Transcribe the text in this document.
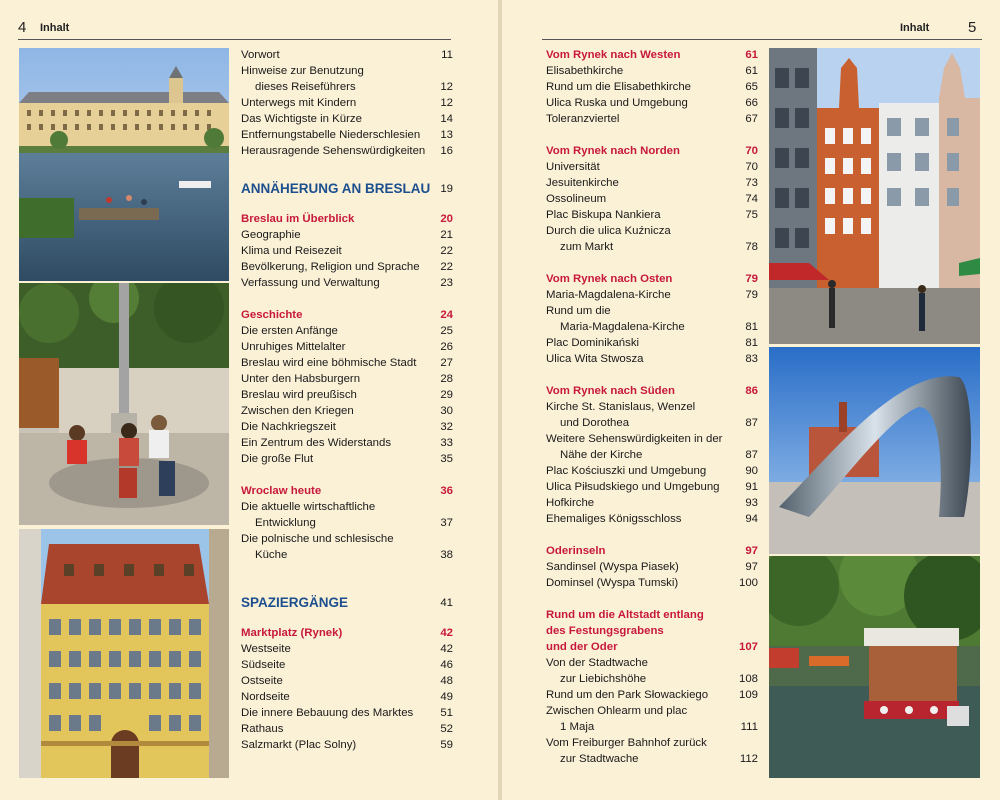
4 Inhalt
Vorwort	11
Hinweise zur Benutzung
dieses Reiseführers	12
Unterwegs mit Kindern	12
Das Wichtigste in Kürze	14
Entfernungstabelle Niederschlesien 13
Herausragende Sehenswürdigkeiten 16
ANNÄHERUNG AN BRESLAU 19
Breslau im Überblick	20
Geographie	21
Klima und Reisezeit	22
Bevölkerung, Religion und Sprache 22
Verfassung und Verwaltung	23
Geschichte	24
Die ersten Anfänge	25
Unruhiges Mittelalter	26
Breslau wird eine böhmische Stadt 27
Unter den Habsburgern	28
Breslau wird preußisch	29
Zwischen den Kriegen	30
Die Nachkriegszeit	32
Ein Zentrum des Widerstands	33
Die große Flut	35
Wroclaw heute	36
Die aktuelle wirtschaftliche
Entwicklung	37
Die polnische und schlesische
Küche	38
SPAZIERGÄNGE	41
Marktplatz (Rynek)	42
Westseite	42
Südseite	46
Ostseite	48
Nordseite	49
Die innere Bebauung des Marktes 51
Rathaus	52
Salzmarkt (Plac Solny)	59
Inhalt	5
Vom Rynek nach Westen	61
Elisabethkirche	61
Rund um die Elisabethkirche	65
Ulica Ruska und Umgebung	66
Toleranzviertel	67
Vom Rynek nach Norden	70
Universität	70
Jesuitenkirche	73
Ossolineum	74
Plac Biskupa Nankiera	75
Durch die ulica Kuźnicza
zum Markt	78
Vom Rynek nach Osten	79
Maria-Magdalena-Kirche	79
Rund um die
Maria-Magdalena-Kirche	81
Plac Dominikański	81
Ulica Wita Stwosza	83
Vom Rynek nach Süden	86
Kirche St. Stanislaus, Wenzel
und Dorothea	87
Weitere Sehenswürdigkeiten in der
Nähe der Kirche	87
Plac Kościuszki und Umgebung	90
Ulica Piłsudskiego und Umgebung 91
Hofkirche	93
Ehemaliges Königsschloss	94
Oderinseln	97
Sandinsel (Wyspa Piasek)	97
Dominsel (Wyspa Tumski)	100
Rund um die Altstadt entlang
des Festungsgrabens
und der Oder	107
Von der Stadtwache
zur Liebichshöhe	108
Rund um den Park Słowackiego	109
Zwischen Ohlearm und plac
1 Maja	111
Vom Freiburger Bahnhof zurück
zur Stadtwache	112
